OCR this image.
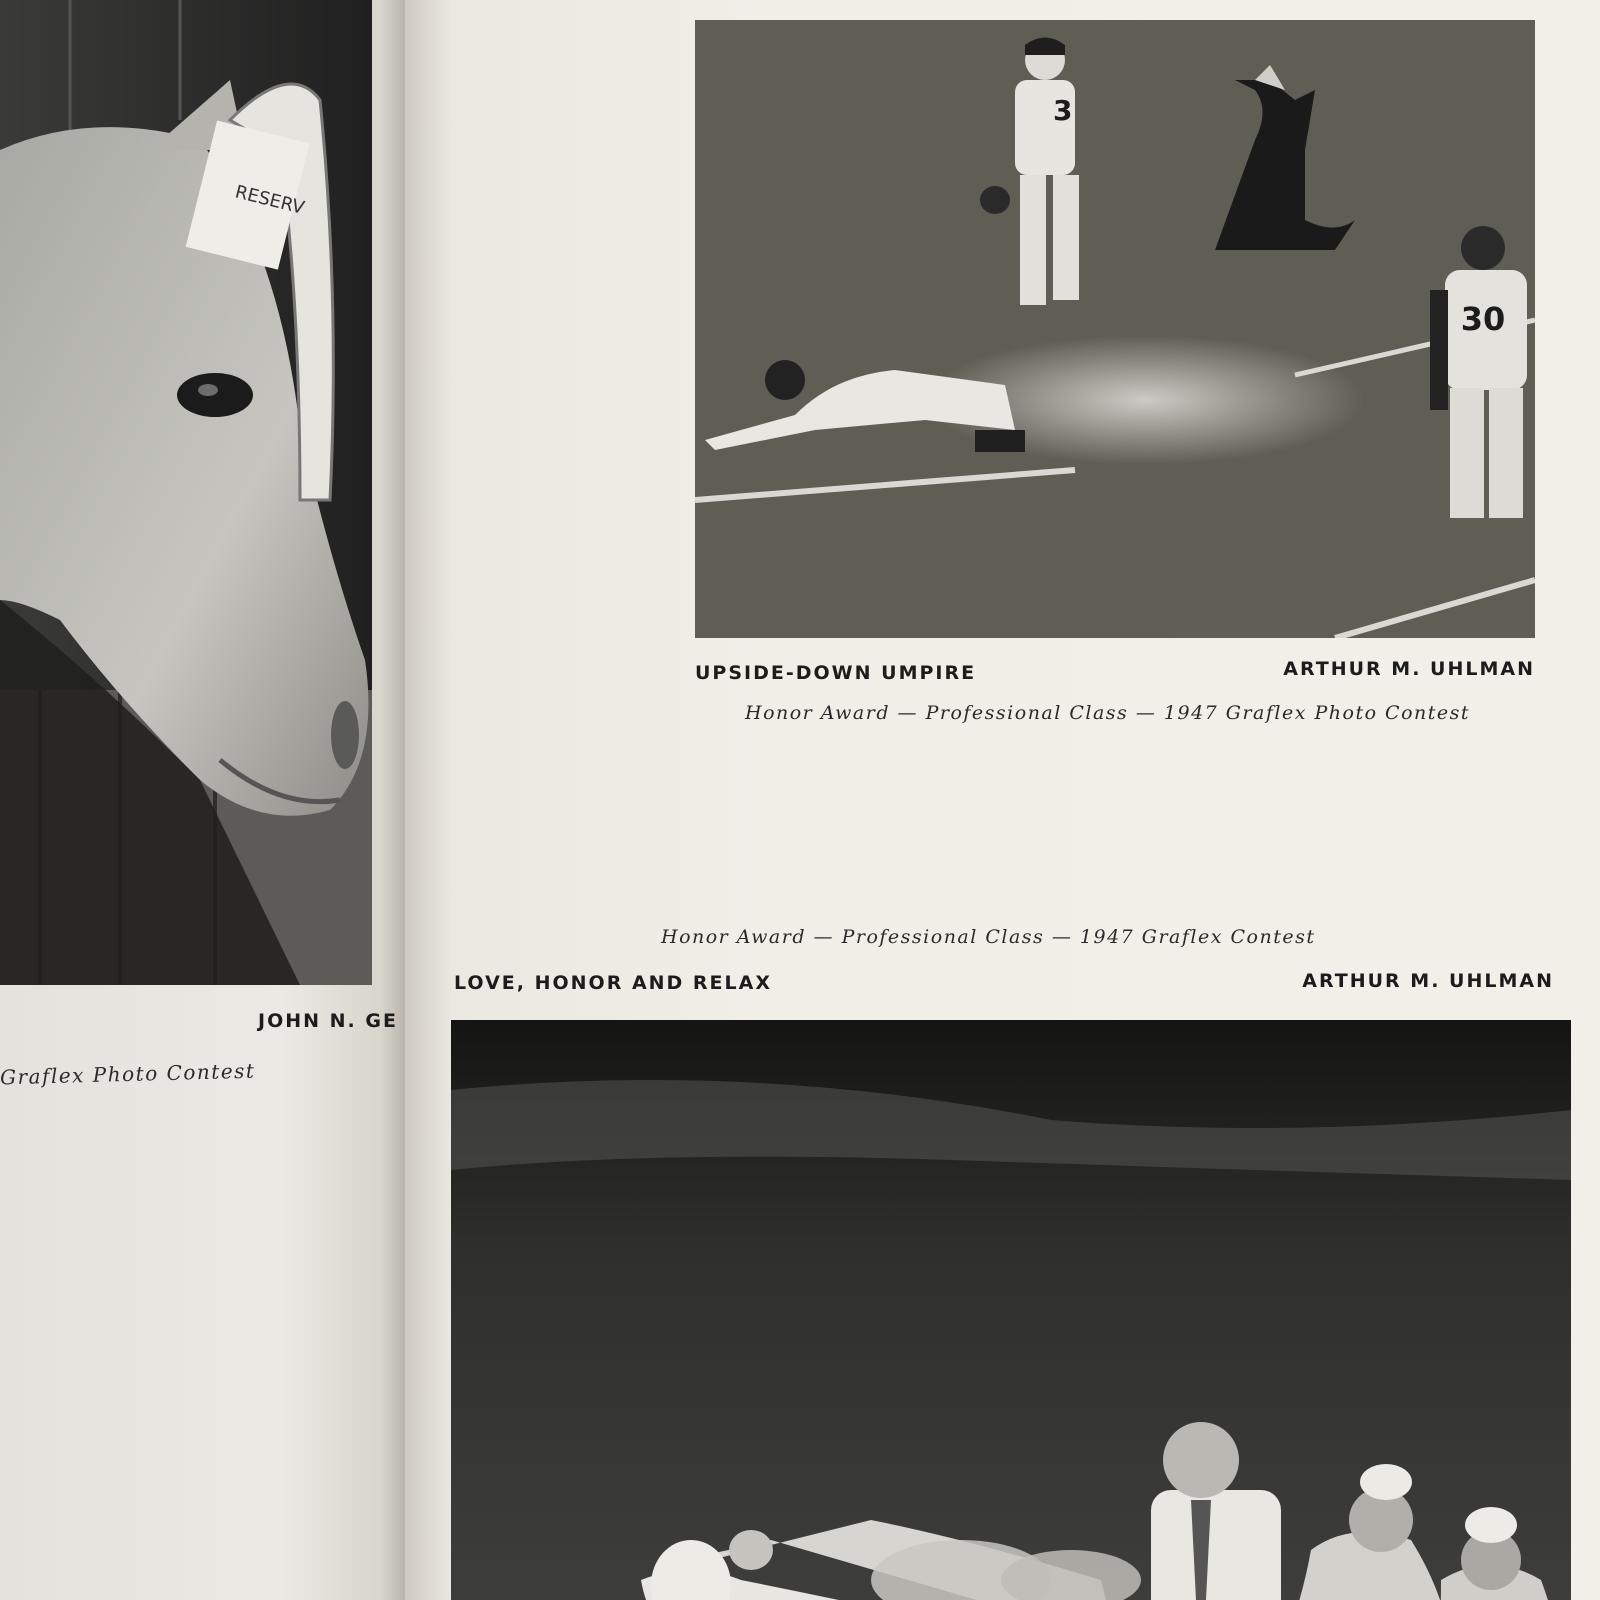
RESERV

JOHN N. GE

Graflex Photo Contest

3
30

UPSIDE-DOWN UMPIRE	ARTHUR M. UHLMAN

Honor Award — Professional Class — 1947 Graflex Photo Contest

Honor Award — Professional Class — 1947 Graflex Contest

LOVE, HONOR AND RELAX	ARTHUR M. UHLMAN
